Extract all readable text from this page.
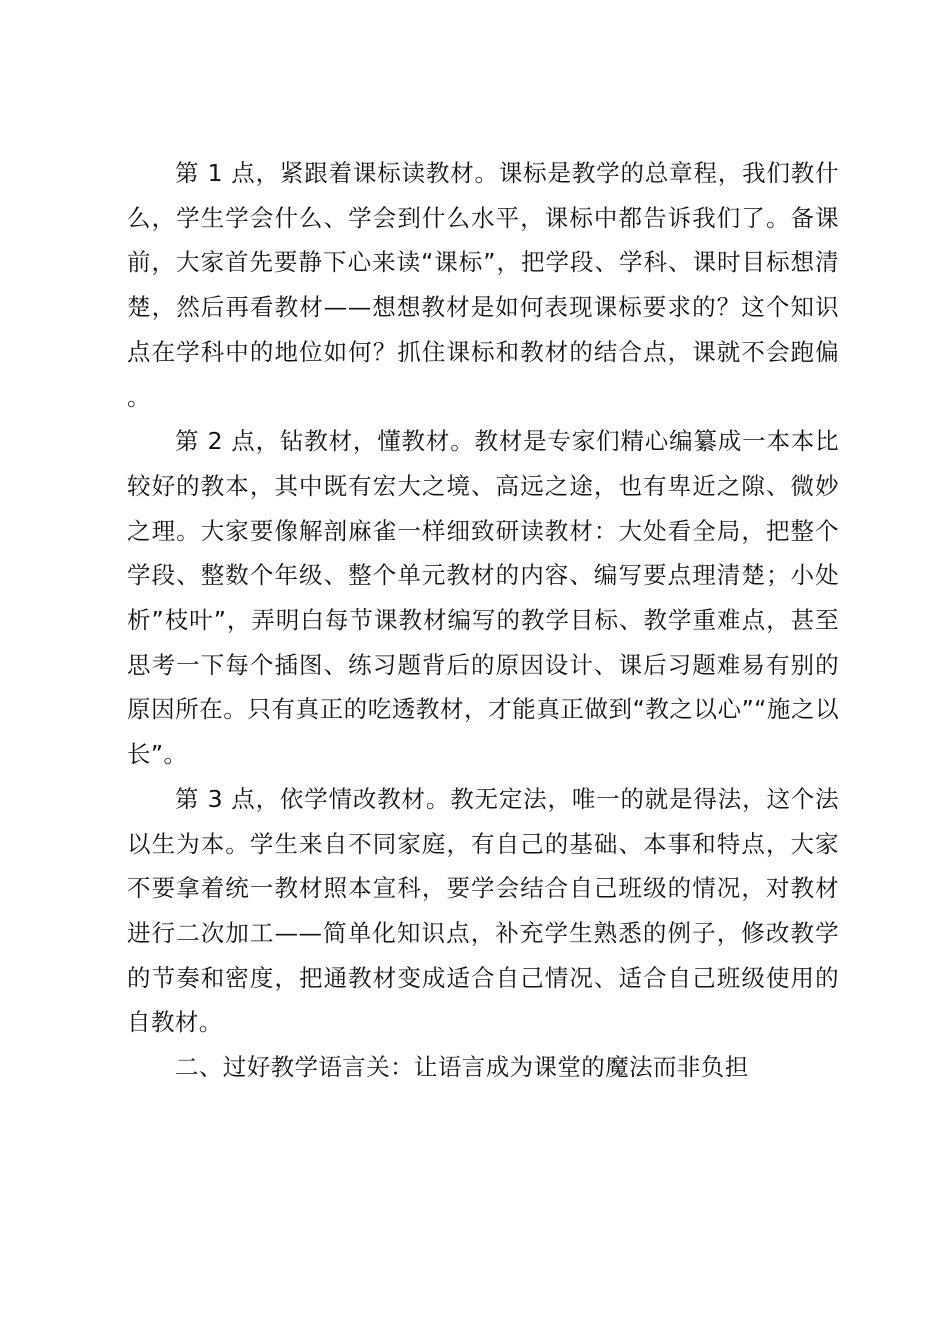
第 1 点，紧跟着课标读教材。课标是教学的总章程，我们教什么，学生学会什么、学会到什么水平，课标中都告诉我们了。备课前，大家首先要静下心来读“课标”，把学段、学科、课时目标想清楚，然后再看教材——想想教材是如何表现课标要求的？这个知识点在学科中的地位如何？抓住课标和教材的结合点，课就不会跑偏。

第 2 点，钻教材，懂教材。教材是专家们精心编纂成一本本比较好的教本，其中既有宏大之境、高远之途，也有卑近之隙、微妙之理。大家要像解剖麻雀一样细致研读教材：大处看全局，把整个学段、整数个年级、整个单元教材的内容、编写要点理清楚；小处析”枝叶”，弄明白每节课教材编写的教学目标、教学重难点，甚至思考一下每个插图、练习题背后的原因设计、课后习题难易有别的原因所在。只有真正的吃透教材，才能真正做到“教之以心”“施之以长”。

第 3 点，依学情改教材。教无定法，唯一的就是得法，这个法以生为本。学生来自不同家庭，有自己的基础、本事和特点，大家不要拿着统一教材照本宣科，要学会结合自己班级的情况，对教材进行二次加工——简单化知识点，补充学生熟悉的例子，修改教学的节奏和密度，把通教材变成适合自己情况、适合自己班级使用的自教材。

二、过好教学语言关：让语言成为课堂的魔法而非负担
